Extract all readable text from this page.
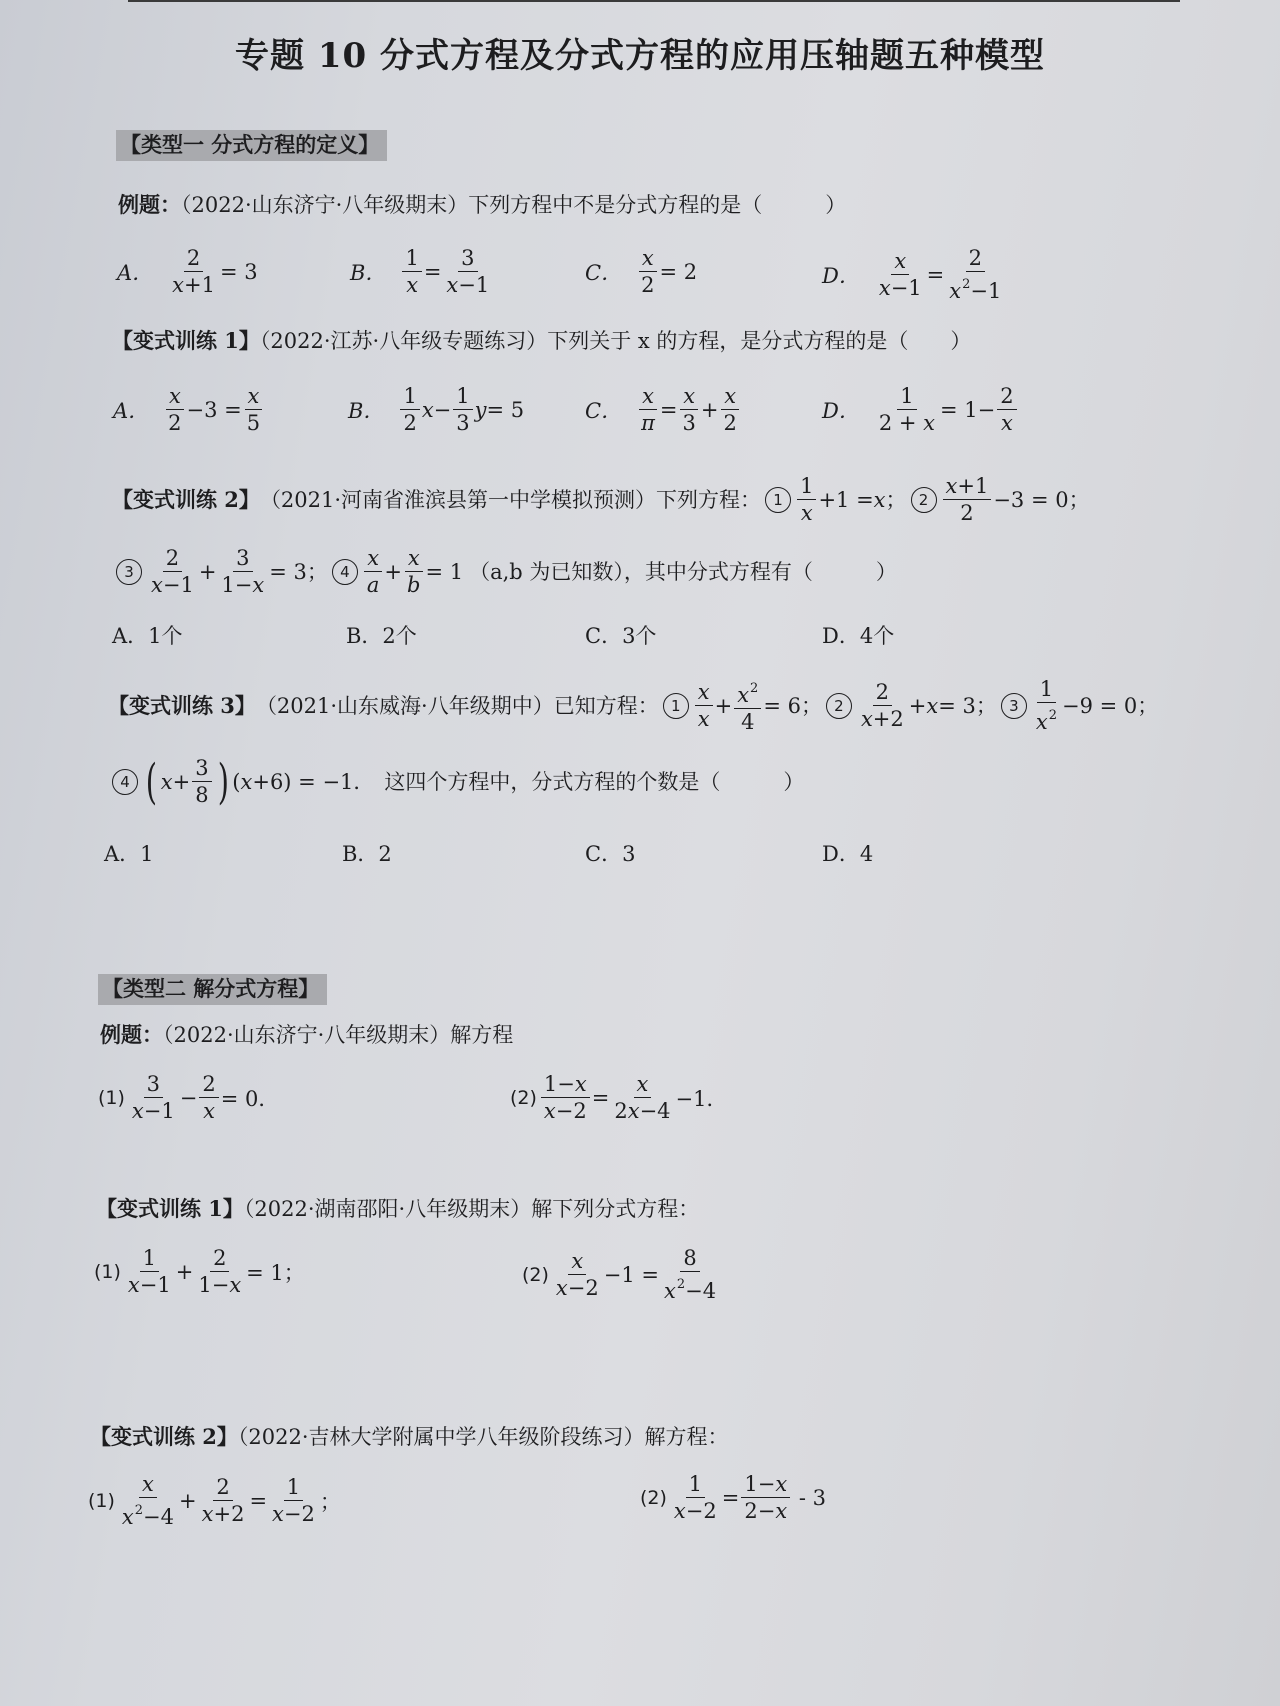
专题 10 分式方程及分式方程的应用压轴题五种模型
【类型一 分式方程的定义】
例题：（2022·山东济宁·八年级期末）下列方程中不是分式方程的是（　　　）
A． $\frac{2}{x+1} = 3$	B． $\frac{1}{x} = \frac{3}{x-1}$	C． $\frac{x}{2} = 2$	D． $\frac{x}{x-1} = \frac{2}{x^2-1}$
【变式训练 1】（2022·江苏·八年级专题练习）下列关于 x 的方程，是分式方程的是（　　）
A． $\frac{x}{2} -3 = \frac{x}{5}$	B． $\frac{1}{2}$ $x - \frac{1}{3}$ y = 5	C． $\frac{x}{\pi} = \frac{x}{3} + \frac{x}{2}$	D． $\frac{1}{2 + x} = 1- \frac{2}{x}$
【变式训练 2】 （2021·河南省淮滨县第一中学模拟预测）下列方程： $1 \frac{1}{x} +1 = x$ ； $2 \frac{x+1}{2} -3 = 0$；
$3 \frac{2}{x-1} + \frac{3}{1-x} = 3$； $4 \frac{x}{a} + \frac{x}{b} = 1$ （a,b 为已知数），其中分式方程有（　　　）
A．1个	B．2个	C．3个	D．4个
【变式训练 3】 （2021·山东威海·八年级期中）已知方程： $1 \frac{x}{x} + \frac{x^2}{4} = 6$； $2 \frac{2}{x+2} + x = 3$； $3 \frac{1}{x^2} -9 = 0$；
4 ( $x + \frac{3}{8}$ ) ( x +6) = −1． 这四个方程中，分式方程的个数是（　　　）
A．1	B．2	C．3	D．4
【类型二 解分式方程】
例题：（2022·山东济宁·八年级期末）解方程
$(1) \frac{3}{x-1} - \frac{2}{x} = 0$．	$(2) \frac{1-x}{x-2} = \frac{x}{2x-4} -1$．
【变式训练 1】（2022·湖南邵阳·八年级期末）解下列分式方程：
$(1) \frac{1}{x-1} + \frac{2}{1-x} = 1$；	$(2) \frac{x}{x-2} -1 = \frac{8}{x^2-4}$
【变式训练 2】（2022·吉林大学附属中学八年级阶段练习）解方程：
$(1) \frac{x}{x^2-4} + \frac{2}{x+2} = \frac{1}{x-2}$ ；	$(2) \frac{1}{x-2} = \frac{1-x}{2-x} - 3$
